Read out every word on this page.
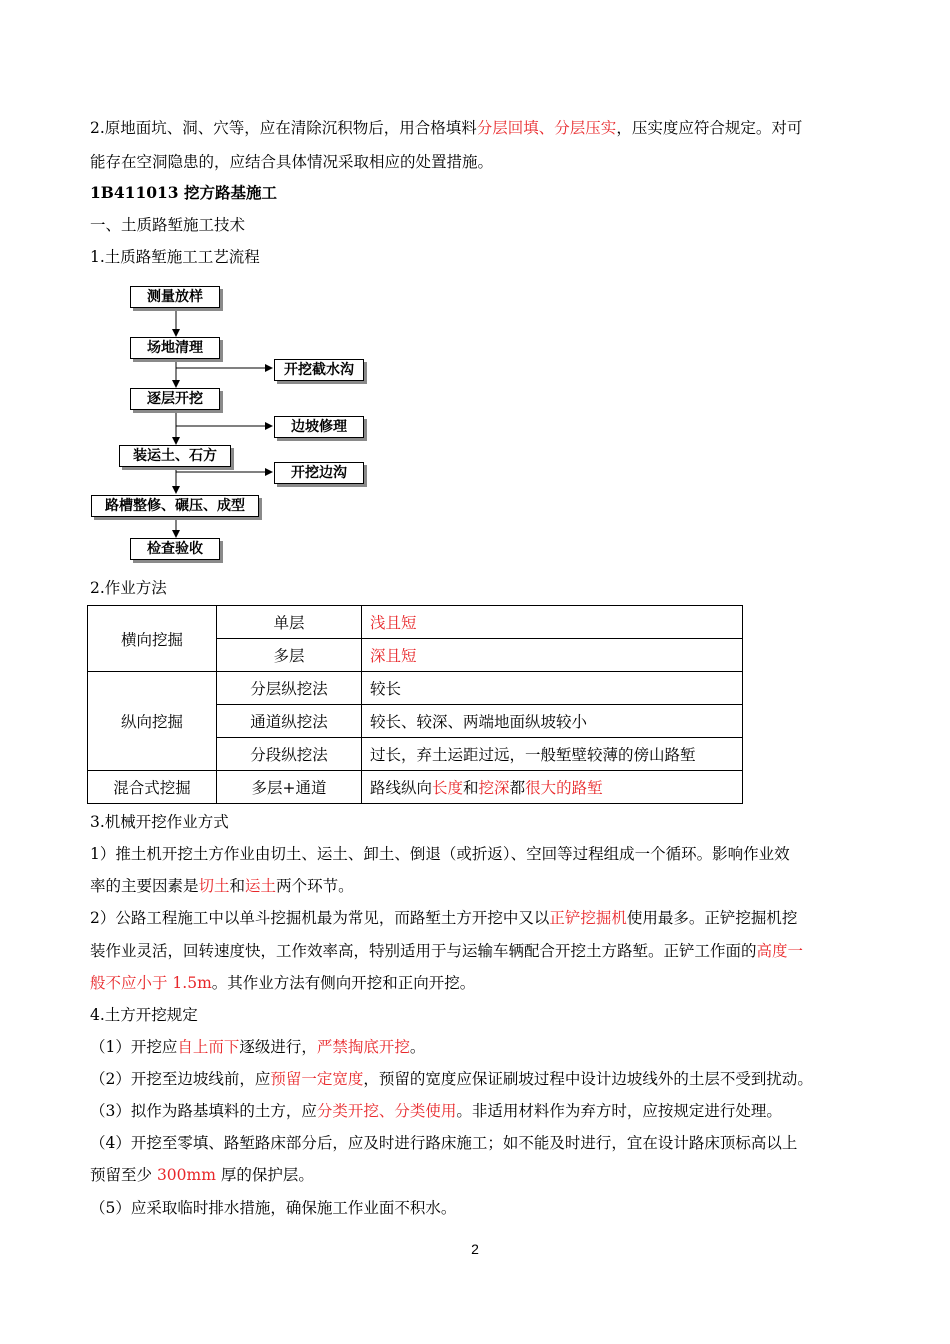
2.原地面坑、洞、穴等，应在清除沉积物后，用合格填料分层回填、分层压实，压实度应符合规定。对可
能存在空洞隐患的，应结合具体情况采取相应的处置措施。
1B411013 挖方路基施工
一、土质路堑施工技术
1.土质路堑施工工艺流程
测量放样
场地清理
逐层开挖
装运土、石方
路槽整修、碾压、成型
检查验收
开挖截水沟
边坡修理
开挖边沟
2.作业方法
横向挖掘	单层	浅且短
	多层	深且短
纵向挖掘	分层纵挖法	较长
	通道纵挖法	较长、较深、两端地面纵坡较小
	分段纵挖法	过长，弃土运距过远，一般堑壁较薄的傍山路堑
混合式挖掘	多层+通道	路线纵向长度和挖深都很大的路堑
3.机械开挖作业方式
1）推土机开挖土方作业由切土、运土、卸土、倒退（或折返）、空回等过程组成一个循环。影响作业效
率的主要因素是切土和运土两个环节。
2）公路工程施工中以单斗挖掘机最为常见，而路堑土方开挖中又以正铲挖掘机使用最多。正铲挖掘机挖
装作业灵活，回转速度快，工作效率高，特别适用于与运输车辆配合开挖土方路堑。正铲工作面的高度一
般不应小于 1.5m。其作业方法有侧向开挖和正向开挖。
4.土方开挖规定
（1）开挖应自上而下逐级进行，严禁掏底开挖。
（2）开挖至边坡线前，应预留一定宽度，预留的宽度应保证刷坡过程中设计边坡线外的土层不受到扰动。
（3）拟作为路基填料的土方，应分类开挖、分类使用。非适用材料作为弃方时，应按规定进行处理。
（4）开挖至零填、路堑路床部分后，应及时进行路床施工；如不能及时进行，宜在设计路床顶标高以上
预留至少 300mm 厚的保护层。
（5）应采取临时排水措施，确保施工作业面不积水。
2
